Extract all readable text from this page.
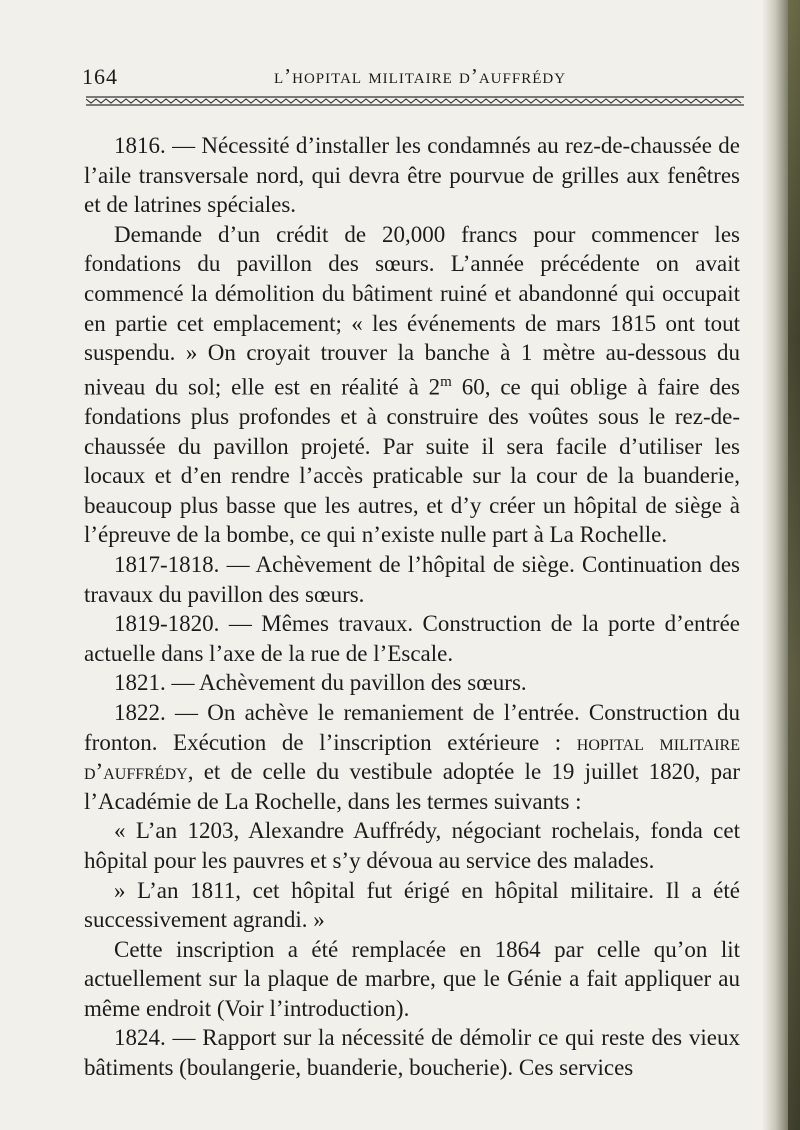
164	l’hopital militaire d’auffrédy

1816. — Nécessité d’installer les condamnés au rez-de-chaussée de l’aile transversale nord, qui devra être pourvue de grilles aux fenêtres et de latrines spéciales.

Demande d’un crédit de 20,000 francs pour commencer les fondations du pavillon des sœurs. L’année précédente on avait commencé la démolition du bâtiment ruiné et abandonné qui occupait en partie cet emplacement; « les événements de mars 1815 ont tout suspendu. » On croyait trouver la banche à 1 mètre au-dessous du niveau du sol; elle est en réalité à 2$^m$ 60, ce qui oblige à faire des fondations plus profondes et à construire des voûtes sous le rez-de-chaussée du pavillon projeté. Par suite il sera facile d’utiliser les locaux et d’en rendre l’accès praticable sur la cour de la buanderie, beaucoup plus basse que les autres, et d’y créer un hôpital de siège à l’épreuve de la bombe, ce qui n’existe nulle part à La Rochelle.

1817-1818. — Achèvement de l’hôpital de siège. Continuation des travaux du pavillon des sœurs.

1819-1820. — Mêmes travaux. Construction de la porte d’entrée actuelle dans l’axe de la rue de l’Escale.

1821. — Achèvement du pavillon des sœurs.

1822. — On achève le remaniement de l’entrée. Construction du fronton. Exécution de l’inscription extérieure : hopital militaire d’auffrédy, et de celle du vestibule adoptée le 19 juillet 1820, par l’Académie de La Rochelle, dans les termes suivants :

« L’an 1203, Alexandre Auffrédy, négociant rochelais, fonda cet hôpital pour les pauvres et s’y dévoua au service des malades.

» L’an 1811, cet hôpital fut érigé en hôpital militaire. Il a été successivement agrandi. »

Cette inscription a été remplacée en 1864 par celle qu’on lit actuellement sur la plaque de marbre, que le Génie a fait appliquer au même endroit (Voir l’introduction).

1824. — Rapport sur la nécessité de démolir ce qui reste des vieux bâtiments (boulangerie, buanderie, boucherie). Ces services
